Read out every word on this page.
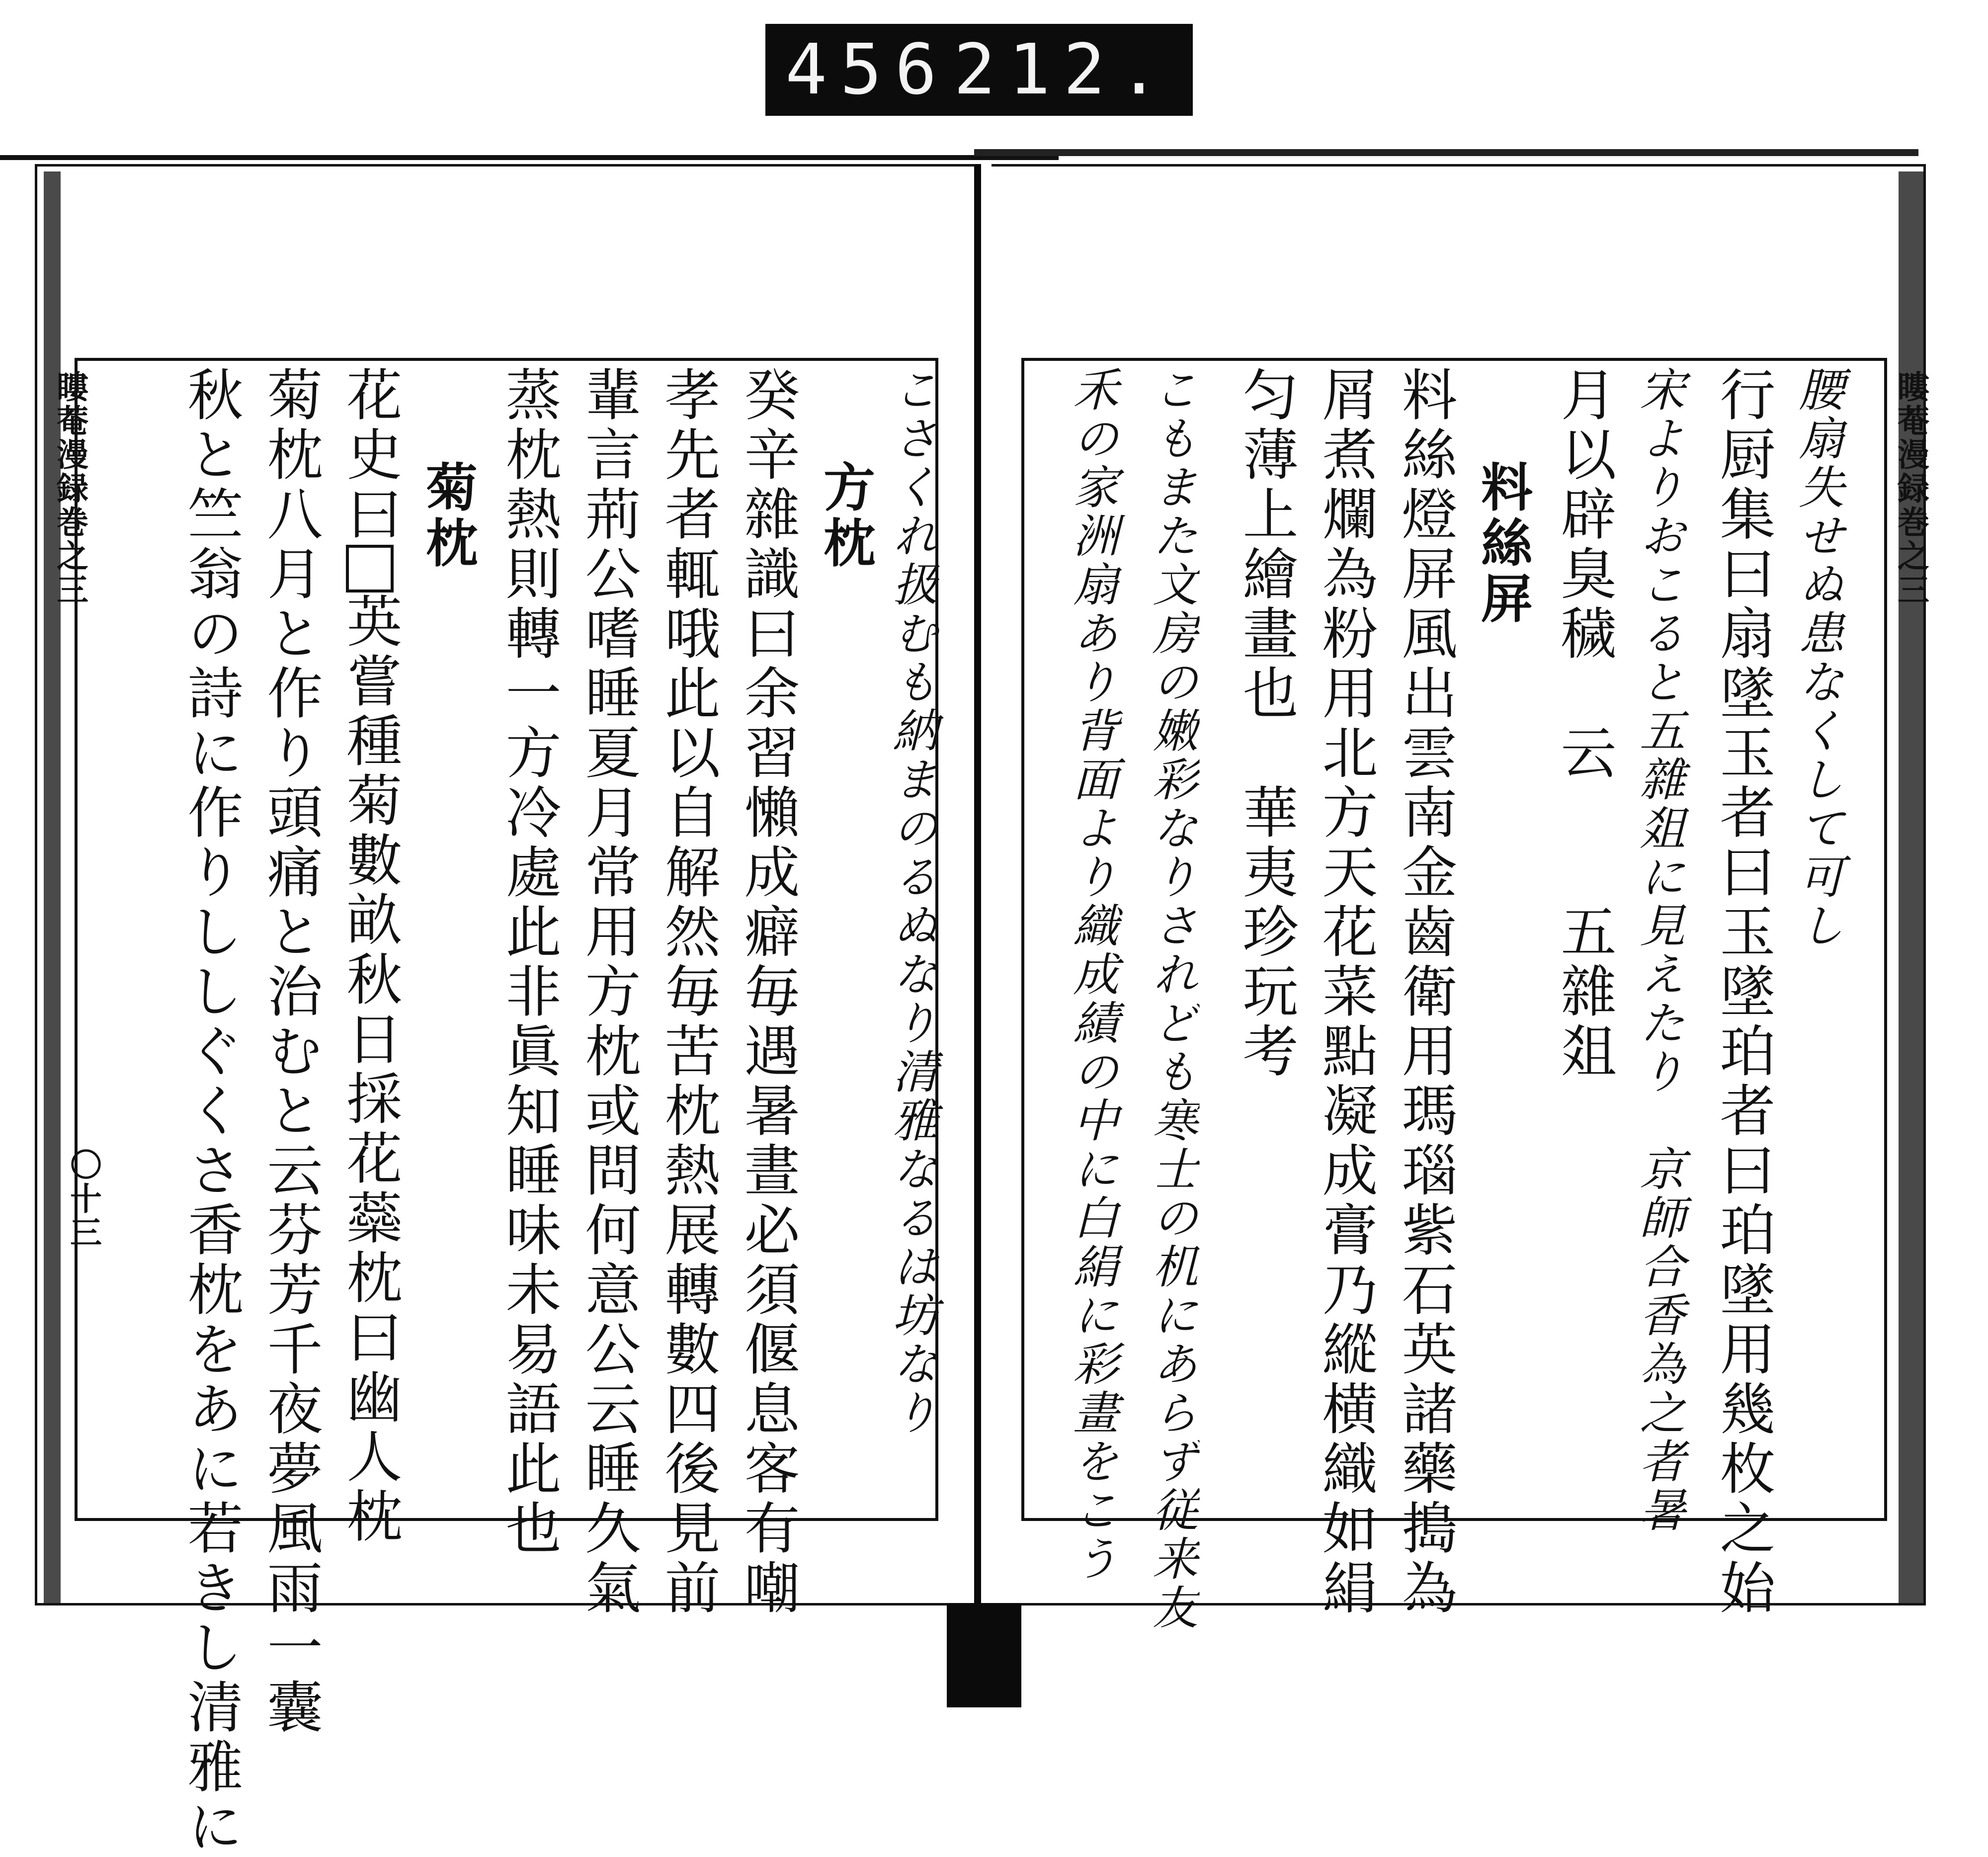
456 212.
瞜菴漫録巻之三
〇十三 秋と竺翁の詩に作りししぐくさ香枕をあに若きし清雅に 菊枕八月と作り頭痛と治むと云芬芳千夜夢風雨一囊 花史曰英嘗種菊數畝秋日採花蘂枕曰幽人枕
菊枕 蒸枕熱則轉一方冷處此非眞知睡味未易語此也 輩言荊公嗜睡夏月常用方枕或問何意公云睡久氣 孝先者輒哦此以自解然毎苦枕熱展轉數四後見前 癸辛雜識曰余習懶成癖毎遇暑晝必須偃息客有嘲 方枕 こさくれ扱むも納まのるぬなり清雅なるは坊なり	瞜菴漫録巻之三
禾の家洲扇あり背面より織成績の中に白絹に彩畫をこう こもまた文房の嫩彩なりされども寒士の机にあらず従来友 匀薄上繪畫也　華夷珍玩考 屑煮爛為粉用北方天花菜點凝成膏乃縱横織如絹 料絲燈屏風出雲南金齒衛用瑪瑙紫石英諸藥搗為 料絲屏 月以辟臭穢　云　　五雜爼 宋よりおこると五雜爼に見えたり　京師合香為之者暑 行厨集曰扇墜玉者曰玉墜珀者曰珀墜用幾枚之始 腰扇失せぬ患なくして可し
